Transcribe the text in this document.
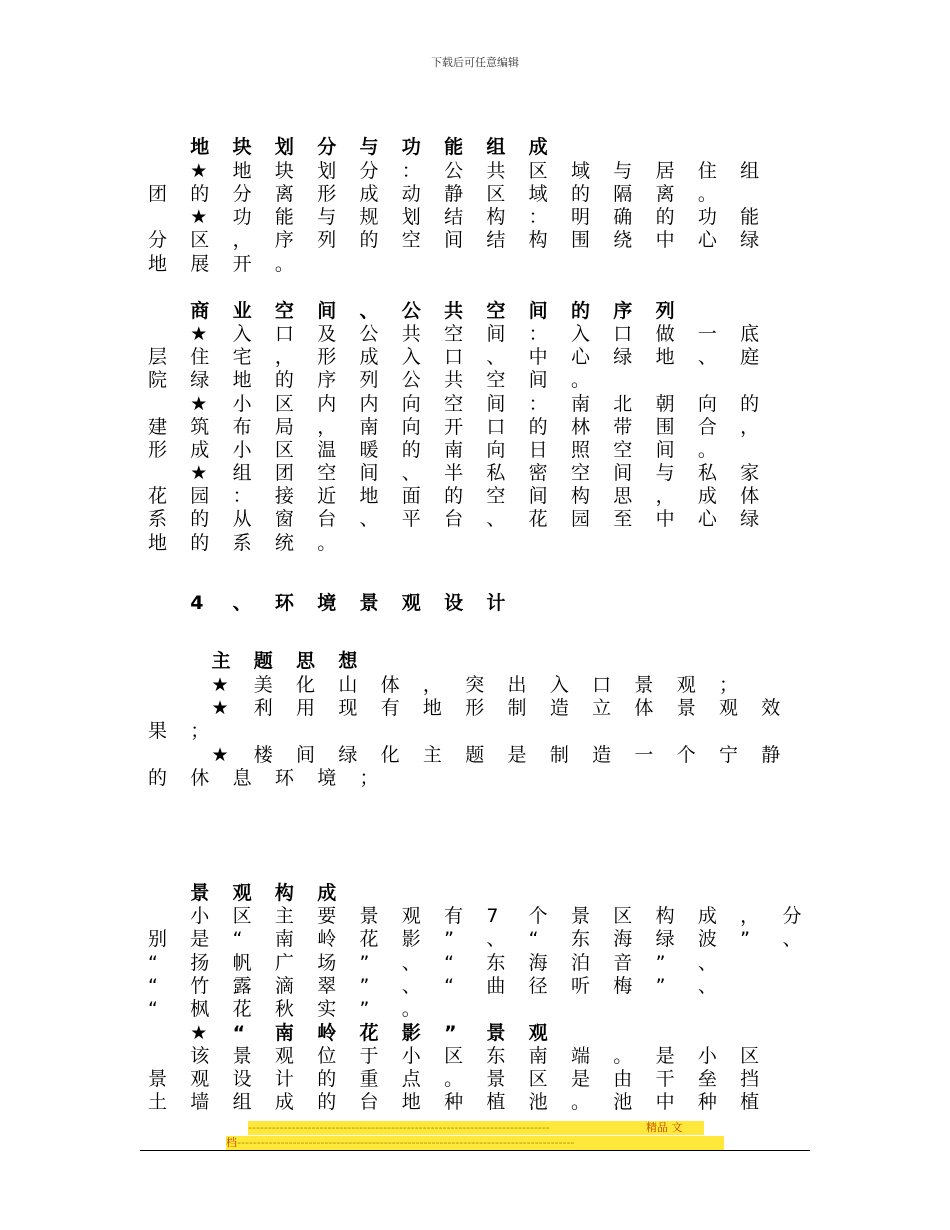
下载后可任意编辑
地 块 划 分 与 功 能 组 成
★ 地 块 划 分 ： 公 共 区 域 与 居 住 组
团 的 分 离 形 成 动 静 区 域 的 隔 离 。
★ 功 能 与 规 划 结 构 ： 明 确 的 功 能
分 区 ， 序 列 的 空 间 结 构 围 绕 中 心 绿
地 展 开 。
商 业 空 间 、 公 共 空 间 的 序 列
★ 入 口 及 公 共 空 间 ： 入 口 做 一 底
层 住 宅 ， 形 成 入 口 、 中 心 绿 地 、 庭
院 绿 地 的 序 列 公 共 空 间 。
★ 小 区 内 内 向 空 间 ： 南 北 朝 向 的
建 筑 布 局 ， 南 向 开 口 的 林 带 围 合 ，
形 成 小 区 温 暖 的 南 向 日 照 空 间 。
★ 组 团 空 间 、 半 私 密 空 间 与 私 家
花 园 ： 接 近 地 面 的 空 间 构 思 ， 成 体
系 的 从 窗 台 、 平 台 、 花 园 至 中 心 绿
地 的 系 统 。
4 、 环 境 景 观 设 计
主 题 思 想
★ 美 化 山 体 ， 突 出 入 口 景 观 ；
★ 利 用 现 有 地 形 制 造 立 体 景 观 效
果 ；
★ 楼 间 绿 化 主 题 是 制 造 一 个 宁 静
的 休 息 环 境 ；
景 观 构 成
小 区 主 要 景 观 有 7 个 景 区 构 成 ， 分
别 是 “ 南 岭 花 影 ” 、 “ 东 海 绿 波 ” 、
“ 扬 帆 广 场 ” 、 “ 东 海 泊 音 ” 、
“ 竹 露 滴 翠 ” 、 “ 曲 径 听 梅 ” 、
“ 枫 花 秋 实 ” 。
★ “ 南 岭 花 影 ” 景 观
该 景 观 位 于 小 区 东 南 端 。 是 小 区
景 观 设 计 的 重 点 。 景 区 是 由 干 垒 挡
土 墙 组 成 的 台 地 种 植 池 。 池 中 种 植
‑‑‑‑‑‑‑‑‑‑‑‑‑‑‑‑‑‑‑‑‑‑‑‑‑‑‑‑‑‑‑‑‑‑‑‑‑‑‑‑‑‑‑‑‑‑‑‑‑‑‑‑‑‑‑‑‑‑‑‑‑‑‑‑‑‑‑‑‑‑‑‑‑‑‑‑	精品 文
档‑‑‑‑‑‑‑‑‑‑‑‑‑‑‑‑‑‑‑‑‑‑‑‑‑‑‑‑‑‑‑‑‑‑‑‑‑‑‑‑‑‑‑‑‑‑‑‑‑‑‑‑‑‑‑‑‑‑‑‑‑‑‑‑‑‑‑‑‑‑‑‑‑‑‑‑‑‑‑‑‑‑‑‑‑
